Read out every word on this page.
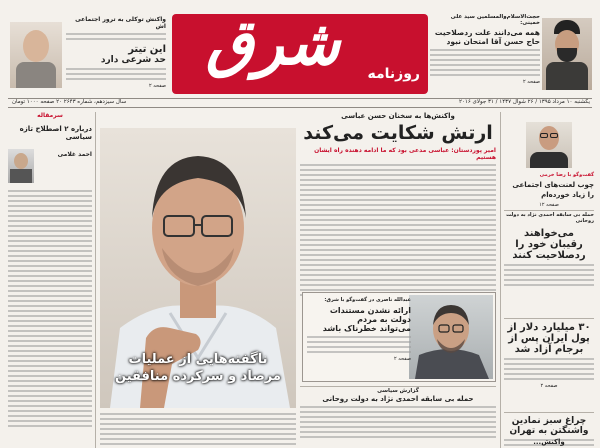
واکنش توکلی به ترور اجتماعی اش
این تیتر
حد شرعی دارد
صفحه ۲
شرق	روزنامه
حجت‌الاسلام‌والمسلمین سید علی خمینی:
همه می‌دانند علت ردصلاحیت
حاج حسن آقا امتحان نبود
صفحه ۲
یکشنبه ۱۰ مرداد ۱۳۹۵ / ۲۶ شوال ۱۴۳۷ / ۳۱ جولای ۲۰۱۶
سال سیزدهم، شماره ۲۶۴۳ ۲۰ صفحه ۱۰۰۰ تومان
سرمقاله
درباره ۲ اصطلاح تازه سیاسی
احمد غلامی
واکنش‌ها به سخنان حسن عباسی
ارتش شکایت می‌کند
امیر پوردستان: عباسی مدعی بود که ما ادامه دهنده راه ایشان هستیم
ناگفته‌هایی از عملیات
مرصاد و سرکرده منافقین
عبدالله ناصری در گفت‌وگو با شرق:
ارائه نشدن مستندات
دولت به مردم
می‌تواند خطرناک باشد
صفحه ۲
گزارش سیاسی
حمله بی سابقه احمدی نژاد به دولت روحانی
گفت‌وگو با رضا خرمی
چوب لعنت‌های اجتماعی را زیاد خورده‌ام
صفحه ۱۲
حمله بی سابقه احمدی نژاد به دولت روحانی
می‌خواهند
رقیبان خود را
ردصلاحیت کنند
۳۰ میلیارد دلار از
پول ایران پس از
برجام آزاد شد
صفحه ۲
چراغ سبز نمادین
واشنگتن به تهران
واکنش...
